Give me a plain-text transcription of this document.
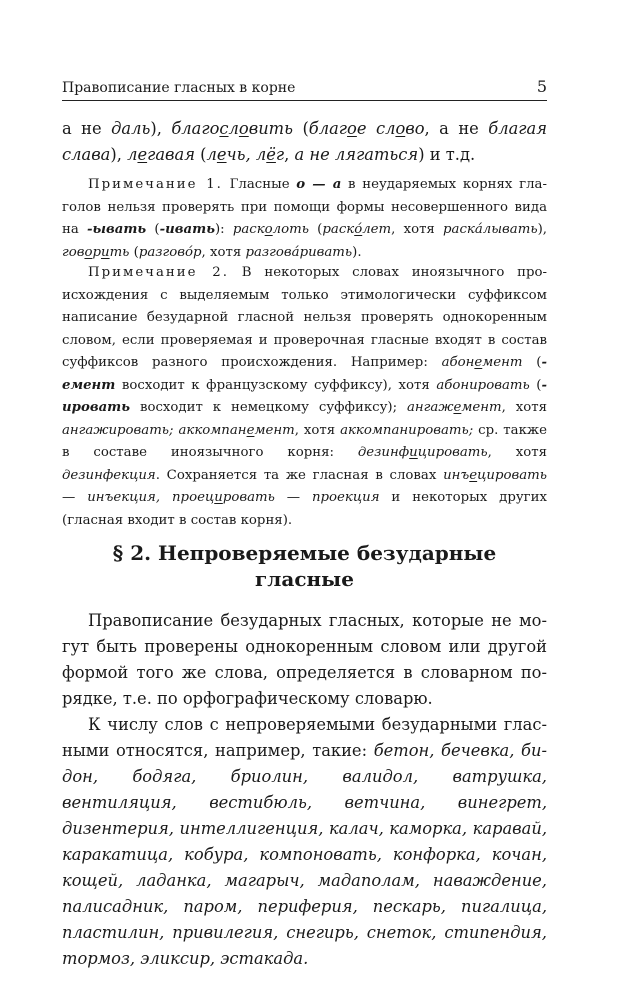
Правописание гласных в корне	5

а не даль), благословить (благое слово, а не благая слава), легавая (лечь, лёг, а не лягаться) и т.д.

Примечание 1. Гласные о — а в неударяемых корнях глаголов нельзя проверять при помощи формы несовершенного вида на -ывать (-ивать): расколоть (раско́лет, хотя раска́лывать), говорить (разгово́р, хотя разгова́ривать).

Примечание 2. В некоторых словах иноязычного происхождения с выделяемым только этимологически суффиксом написание безударной гласной нельзя проверять однокоренным словом, если проверяемая и проверочная гласные входят в состав суффиксов разного происхождения. Например: абонемент (-емент восходит к французскому суффиксу), хотя абонировать (-ировать восходит к немецкому суффиксу); ангажемент, хотя ангажировать; аккомпанемент, хотя аккомпанировать; ср. также в составе иноязычного корня: дезинфицировать, хотя дезинфекция. Сохраняется та же гласная в словах инъецировать — инъекция, проецировать — проекция и некоторых других (гласная входит в состав корня).

§ 2. Непроверяемые безударные
гласные

Правописание безударных гласных, которые не могут быть проверены однокоренным словом или другой формой того же слова, определяется в словарном порядке, т.е. по орфографическому словарю.

К числу слов с непроверяемыми безударными гласными относятся, например, такие: бетон, бечевка, бидон, бодяга, бриолин, валидол, ватрушка, вентиляция, вестибюль, ветчина, винегрет, дизентерия, интеллигенция, калач, каморка, каравай, каракатица, кобура, компоновать, конфорка, кочан, кощей, ладанка, магарыч, мадаполам, наваждение, палисадник, паром, периферия, пескарь, пигалица, пластилин, привилегия, снегирь, снеток, стипендия, тормоз, эликсир, эстакада.
